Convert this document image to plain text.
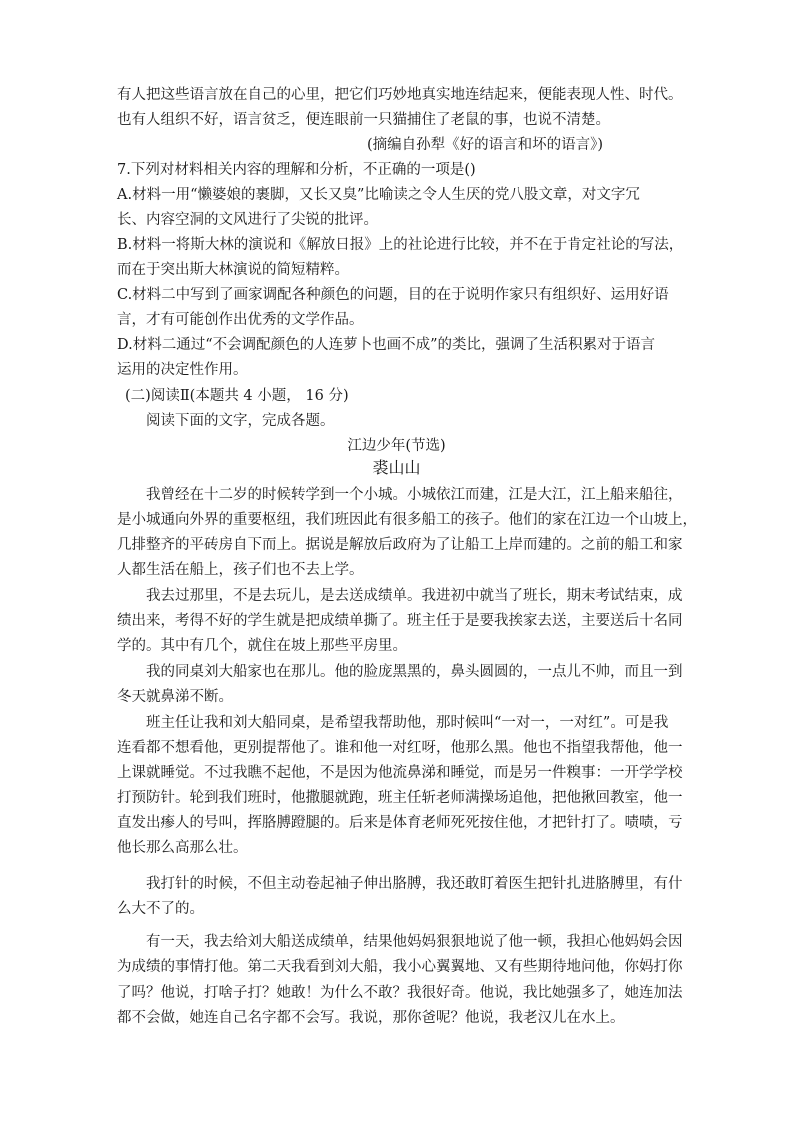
有人把这些语言放在自己的心里，把它们巧妙地真实地连结起来，便能表现人性、时代。
也有人组织不好，语言贫乏，便连眼前一只猫捕住了老鼠的事，也说不清楚。
(摘编自孙犁《好的语言和坏的语言》)
7.下列对材料相关内容的理解和分析，不正确的一项是()
A.材料一用“懒婆娘的裹脚，又长又臭”比喻读之令人生厌的党八股文章，对文字冗
长、内容空洞的文风进行了尖锐的批评。
B.材料一将斯大林的演说和《解放日报》上的社论进行比较，并不在于肯定社论的写法，
而在于突出斯大林演说的简短精粹。
C.材料二中写到了画家调配各种颜色的问题，目的在于说明作家只有组织好、运用好语
言，才有可能创作出优秀的文学作品。
D.材料二通过“不会调配颜色的人连萝卜也画不成”的类比，强调了生活积累对于语言
运用的决定性作用。
(二)阅读Ⅱ(本题共 4 小题， 16 分)
阅读下面的文字，完成各题。
江边少年(节选)
裘山山
我曾经在十二岁的时候转学到一个小城。小城依江而建，江是大江，江上船来船往，
是小城通向外界的重要枢纽，我们班因此有很多船工的孩子。他们的家在江边一个山坡上，
几排整齐的平砖房自下而上。据说是解放后政府为了让船工上岸而建的。之前的船工和家
人都生活在船上，孩子们也不去上学。
我去过那里，不是去玩儿，是去送成绩单。我进初中就当了班长，期末考试结束，成
绩出来，考得不好的学生就是把成绩单撕了。班主任于是要我挨家去送，主要送后十名同
学的。其中有几个，就住在坡上那些平房里。
我的同桌刘大船家也在那儿。他的脸庞黑黑的，鼻头圆圆的，一点儿不帅，而且一到
冬天就鼻涕不断。
班主任让我和刘大船同桌，是希望我帮助他，那时候叫“一对一，一对红”。可是我
连看都不想看他，更别提帮他了。谁和他一对红呀，他那么黑。他也不指望我帮他，他一
上课就睡觉。不过我瞧不起他，不是因为他流鼻涕和睡觉，而是另一件糗事：一开学学校
打预防针。轮到我们班时，他撒腿就跑，班主任斩老师满操场追他，把他揪回教室，他一
直发出瘆人的号叫，挥胳膊蹬腿的。后来是体育老师死死按住他，才把针打了。啧啧，亏
他长那么高那么壮。
我打针的时候，不但主动卷起袖子伸出胳膊，我还敢盯着医生把针扎进胳膊里，有什
么大不了的。
有一天，我去给刘大船送成绩单，结果他妈妈狠狠地说了他一顿，我担心他妈妈会因
为成绩的事情打他。第二天我看到刘大船，我小心翼翼地、又有些期待地问他，你妈打你
了吗？他说，打啥子打？她敢！为什么不敢？我很好奇。他说，我比她强多了，她连加法
都不会做，她连自己名字都不会写。我说，那你爸呢？他说，我老汉儿在水上。
